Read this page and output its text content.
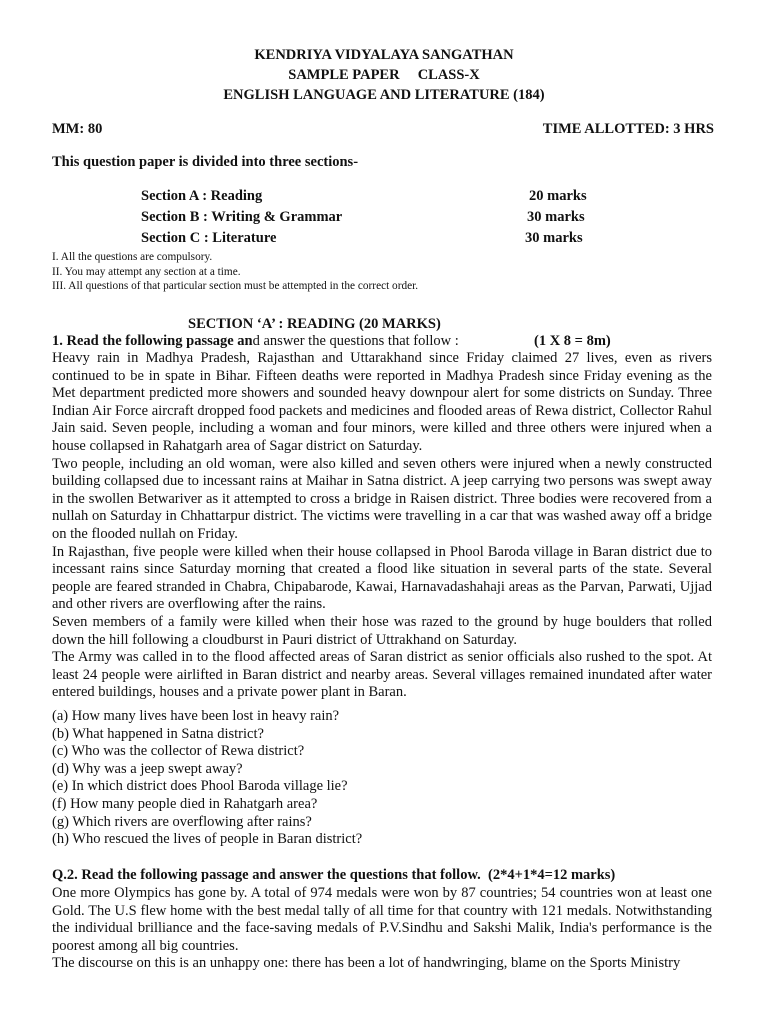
KENDRIYA VIDYALAYA SANGATHAN
SAMPLE PAPER     CLASS-X
ENGLISH LANGUAGE AND LITERATURE (184)
MM: 80	TIME ALLOTTED: 3 HRS
This question paper is divided into three sections-
Section A : Reading	20 marks
Section B : Writing & Grammar	30 marks
Section C : Literature	30 marks
I. All the questions are compulsory.
II. You may attempt any section at a time.
III. All questions of that particular section must be attempted in the correct order.
SECTION ‘A’ : READING (20 MARKS)
1. Read the following passage and answer the questions that follow :	(1 X 8 = 8m)

Heavy rain in Madhya Pradesh, Rajasthan and Uttarakhand since Friday claimed 27 lives, even as rivers continued to be in spate in Bihar. Fifteen deaths were reported in Madhya Pradesh since Friday evening as the Met department predicted more showers and sounded heavy downpour alert for some districts on Sunday. Three Indian Air Force aircraft dropped food packets and medicines and flooded areas of Rewa district, Collector Rahul Jain said. Seven people, including a woman and four minors, were killed and three others were injured when a house collapsed in Rahatgarh area of Sagar district on Saturday.

Two people, including an old woman, were also killed and seven others were injured when a newly constructed building collapsed due to incessant rains at Maihar in Satna district. A jeep carrying two persons was swept away in the swollen Betwariver as it attempted to cross a bridge in Raisen district. Three bodies were recovered from a nullah on Saturday in Chhattarpur district. The victims were travelling in a car that was washed away off a bridge on the flooded nullah on Friday.

In Rajasthan, five people were killed when their house collapsed in Phool Baroda village in Baran district due to incessant rains since Saturday morning that created a flood like situation in several parts of the state. Several people are feared stranded in Chabra, Chipabarode, Kawai, Harnavadashahaji areas as the Parvan, Parwati, Ujjad and other rivers are overflowing after the rains.

Seven members of a family were killed when their hose was razed to the ground by huge boulders that rolled down the hill following a cloudburst in Pauri district of Uttrakhand on Saturday.

The Army was called in to the flood affected areas of Saran district as senior officials also rushed to the spot. At least 24 people were airlifted in Baran district and nearby areas. Several villages remained inundated after water entered buildings, houses and a private power plant in Baran.

(a) How many lives have been lost in heavy rain?
(b) What happened in Satna district?
(c) Who was the collector of Rewa district?
(d) Why was a jeep swept away?
(e) In which district does Phool Baroda village lie?
(f) How many people died in Rahatgarh area?
(g) Which rivers are overflowing after rains?
(h) Who rescued the lives of people in Baran district?
Q.2. Read the following passage and answer the questions that follow.  (2*4+1*4=12 marks)

One more Olympics has gone by. A total of 974 medals were won by 87 countries; 54 countries won at least one Gold. The U.S flew home with the best medal tally of all time for that country with 121 medals. Notwithstanding the individual brilliance and the face-saving medals of P.V.Sindhu and Sakshi Malik, India's performance is the poorest among all big countries.

The discourse on this is an unhappy one: there has been a lot of handwringing, blame on the Sports Ministry
